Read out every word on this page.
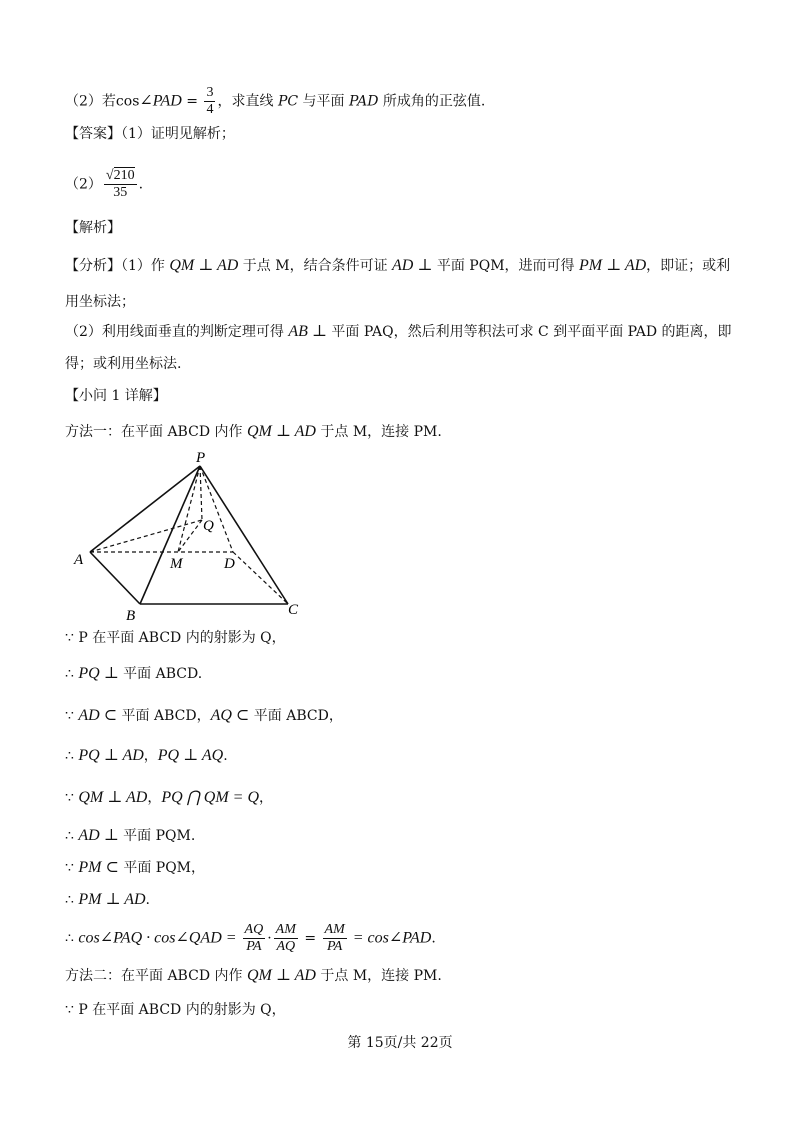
（2）若cos∠PAD = $\frac{3}{4}$ ，求直线 PC 与平面 PAD 所成角的正弦值.
【答案】（1）证明见解析；
$(2) \frac{√210}{35}$ .
【解析】
【分析】（1）作 QM ⊥ AD 于点 M，结合条件可证 AD ⊥ 平面 PQM，进而可得 PM ⊥ AD，即证；或利
用坐标法；
（2）利用线面垂直的判断定理可得 AB ⊥ 平面 PAQ，然后利用等积法可求 C 到平面平面 PAD 的距离，即
得；或利用坐标法.
【小问 1 详解】
方法一：在平面 ABCD 内作 QM ⊥ AD 于点 M，连接 PM.
P
Q
A	M	D
B	C
∵ P 在平面 ABCD 内的射影为 Q，
∴ PQ ⊥ 平面 ABCD.
∵ AD ⊂ 平面 ABCD，AQ ⊂ 平面 ABCD，
∴ PQ ⊥ AD，PQ ⊥ AQ.
∵ QM ⊥ AD，PQ ⋂ QM = Q，
∴ AD ⊥ 平面 PQM.
∵ PM ⊂ 平面 PQM，
∴ PM ⊥ AD.
∴ cos∠PAQ · cos∠QAD = $\frac{AQ}{PA} \cdot \frac{AM}{AQ} = \frac{AM}{PA}$ = cos∠PAD.
方法二：在平面 ABCD 内作 QM ⊥ AD 于点 M，连接 PM.
∵ P 在平面 ABCD 内的射影为 Q，
第 15页/共 22页
